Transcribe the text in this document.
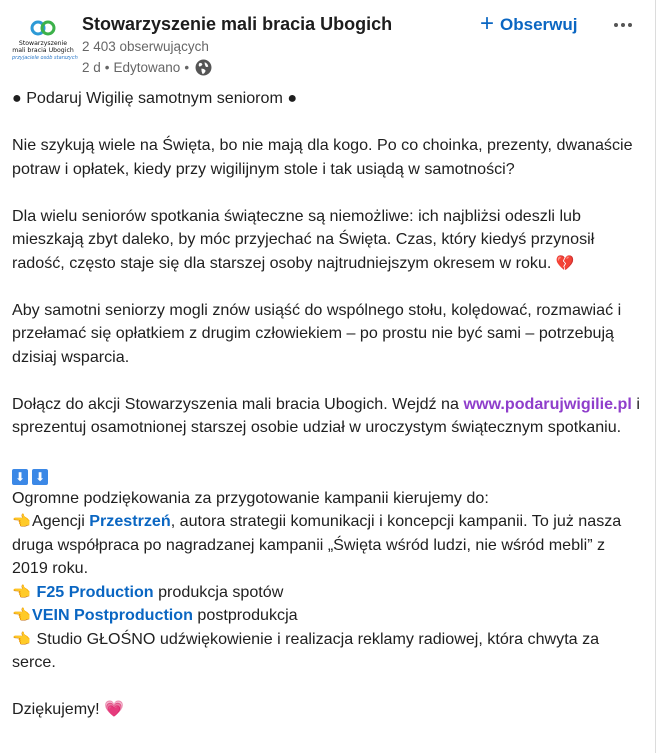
Stowarzyszenie
mali bracia Ubogich
przyjaciele osób starszych
Stowarzyszenie mali bracia Ubogich
2 403 obserwujących
2 d • Edytowano •
+ Obserwuj

● Podaruj Wigilię samotnym seniorom ●

Nie szykują wiele na Święta, bo nie mają dla kogo. Po co choinka, prezenty, dwanaście potraw i opłatek, kiedy przy wigilijnym stole i tak usiądą w samotności?

Dla wielu seniorów spotkania świąteczne są niemożliwe: ich najbliżsi odeszli lub mieszkają zbyt daleko, by móc przyjechać na Święta. Czas, który kiedyś przynosił radość, często staje się dla starszej osoby najtrudniejszym okresem w roku. 💔

Aby samotni seniorzy mogli znów usiąść do wspólnego stołu, kolędować, rozmawiać i przełamać się opłatkiem z drugim człowiekiem – po prostu nie być sami – potrzebują dzisiaj wsparcia.

Dołącz do akcji Stowarzyszenia mali bracia Ubogich. Wejdź na www.podarujwigilie.pl i sprezentuj osamotnionej starszej osobie udział w uroczystym świątecznym spotkaniu.

⬇ ⬇

Ogromne podziękowania za przygotowanie kampanii kierujemy do:

👈Agencji Przestrzeń, autora strategii komunikacji i koncepcji kampanii. To już nasza druga współpraca po nagradzanej kampanii „Święta wśród ludzi, nie wśród mebli” z 2019 roku.

👈 F25 Production produkcja spotów

👈VEIN Postproduction postprodukcja

👈 Studio GŁOŚNO udźwiękowienie i realizacja reklamy radiowej, która chwyta za serce.

Dziękujemy! 💗
